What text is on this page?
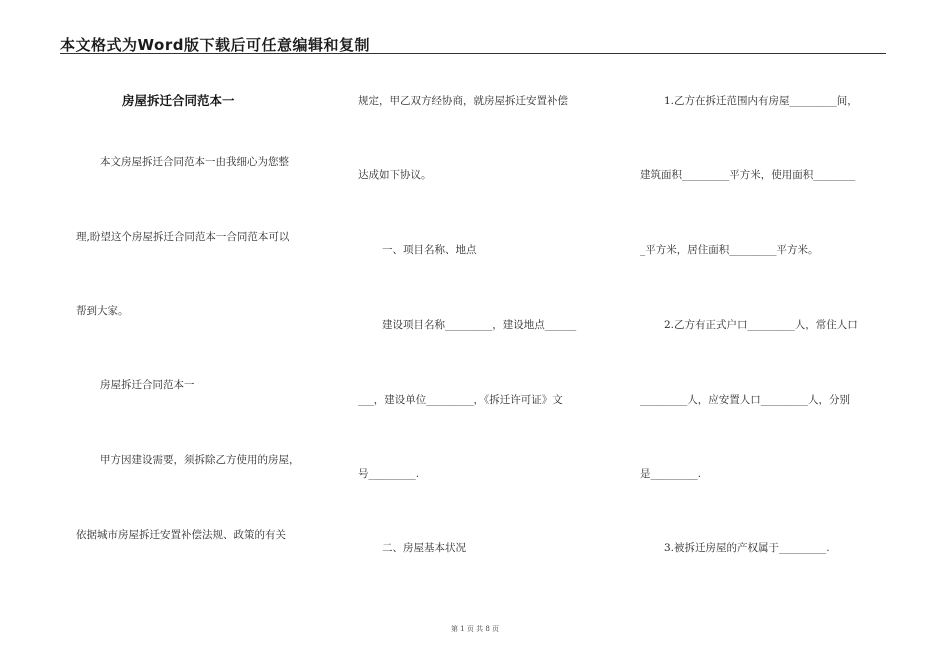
本文格式为Word版下载后可任意编辑和复制
房屋拆迁合同范本一
本文房屋拆迁合同范本一由我细心为您整
理,盼望这个房屋拆迁合同范本一合同范本可以
帮到大家。
房屋拆迁合同范本一
甲方因建设需要，须拆除乙方使用的房屋，
依据城市房屋拆迁安置补偿法规、政策的有关
规定，甲乙双方经协商，就房屋拆迁安置补偿
达成如下协议。
一、项目名称、地点
建设项目名称_________，建设地点______
___，建设单位_________，《拆迁许可证》文
号_________.
二、房屋基本状况
1.乙方在拆迁范围内有房屋_________间，
建筑面积_________平方米，使用面积________
_平方米，居住面积_________平方米。
2.乙方有正式户口_________人，常住人口
_________人，应安置人口_________人，分别
是_________.
3.被拆迁房屋的产权属于_________.
第 1 页 共 8 页
